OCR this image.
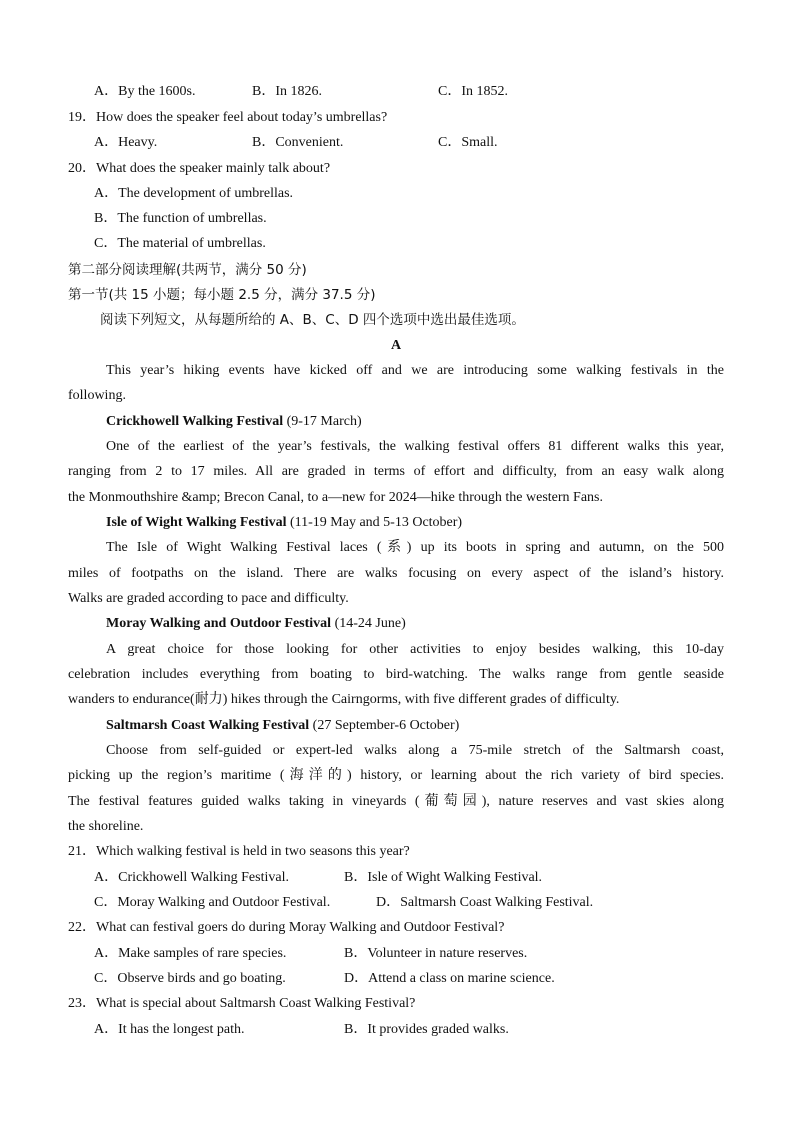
A．By the 1600s.	B．In 1826.	C．In 1852.
19．How does the speaker feel about today’s umbrellas?
A．Heavy.	B．Convenient.	C．Small.
20．What does the speaker mainly talk about?
A．The development of umbrellas.
B．The function of umbrellas.
C．The material of umbrellas.
第二部分阅读理解(共两节，满分 50 分)
第一节(共 15 小题；每小题 2.5 分，满分 37.5 分)
阅读下列短文，从每题所给的 A、B、C、D 四个选项中选出最佳选项。
A
This year’s hiking events have kicked off and we are introducing some walking festivals in the
following.
Crickhowell Walking Festival (9-17 March)
One of the earliest of the year’s festivals, the walking festival offers 81 different walks this year,
ranging from 2 to 17 miles. All are graded in terms of effort and difficulty, from an easy walk along
the Monmouthshire &amp; Brecon Canal, to a—new for 2024—hike through the western Fans.
Isle of Wight Walking Festival (11-19 May and 5-13 October)
The Isle of Wight Walking Festival laces (系) up its boots in spring and autumn, on the 500
miles of footpaths on the island. There are walks focusing on every aspect of the island’s history.
Walks are graded according to pace and difficulty.
Moray Walking and Outdoor Festival (14-24 June)
A great choice for those looking for other activities to enjoy besides walking, this 10-day
celebration includes everything from boating to bird-watching. The walks range from gentle seaside
wanders to endurance(耐力) hikes through the Cairngorms, with five different grades of difficulty.
Saltmarsh Coast Walking Festival (27 September-6 October)
Choose from self-guided or expert-led walks along a 75-mile stretch of the Saltmarsh coast,
picking up the region’s maritime (海洋的) history, or learning about the rich variety of bird species.
The festival features guided walks taking in vineyards (葡萄园), nature reserves and vast skies along
the shoreline.
21．Which walking festival is held in two seasons this year?
A．Crickhowell Walking Festival.	B．Isle of Wight Walking Festival.
C．Moray Walking and Outdoor Festival.	D．Saltmarsh Coast Walking Festival.
22．What can festival goers do during Moray Walking and Outdoor Festival?
A．Make samples of rare species.	B．Volunteer in nature reserves.
C．Observe birds and go boating.	D．Attend a class on marine science.
23．What is special about Saltmarsh Coast Walking Festival?
A．It has the longest path.	B．It provides graded walks.
